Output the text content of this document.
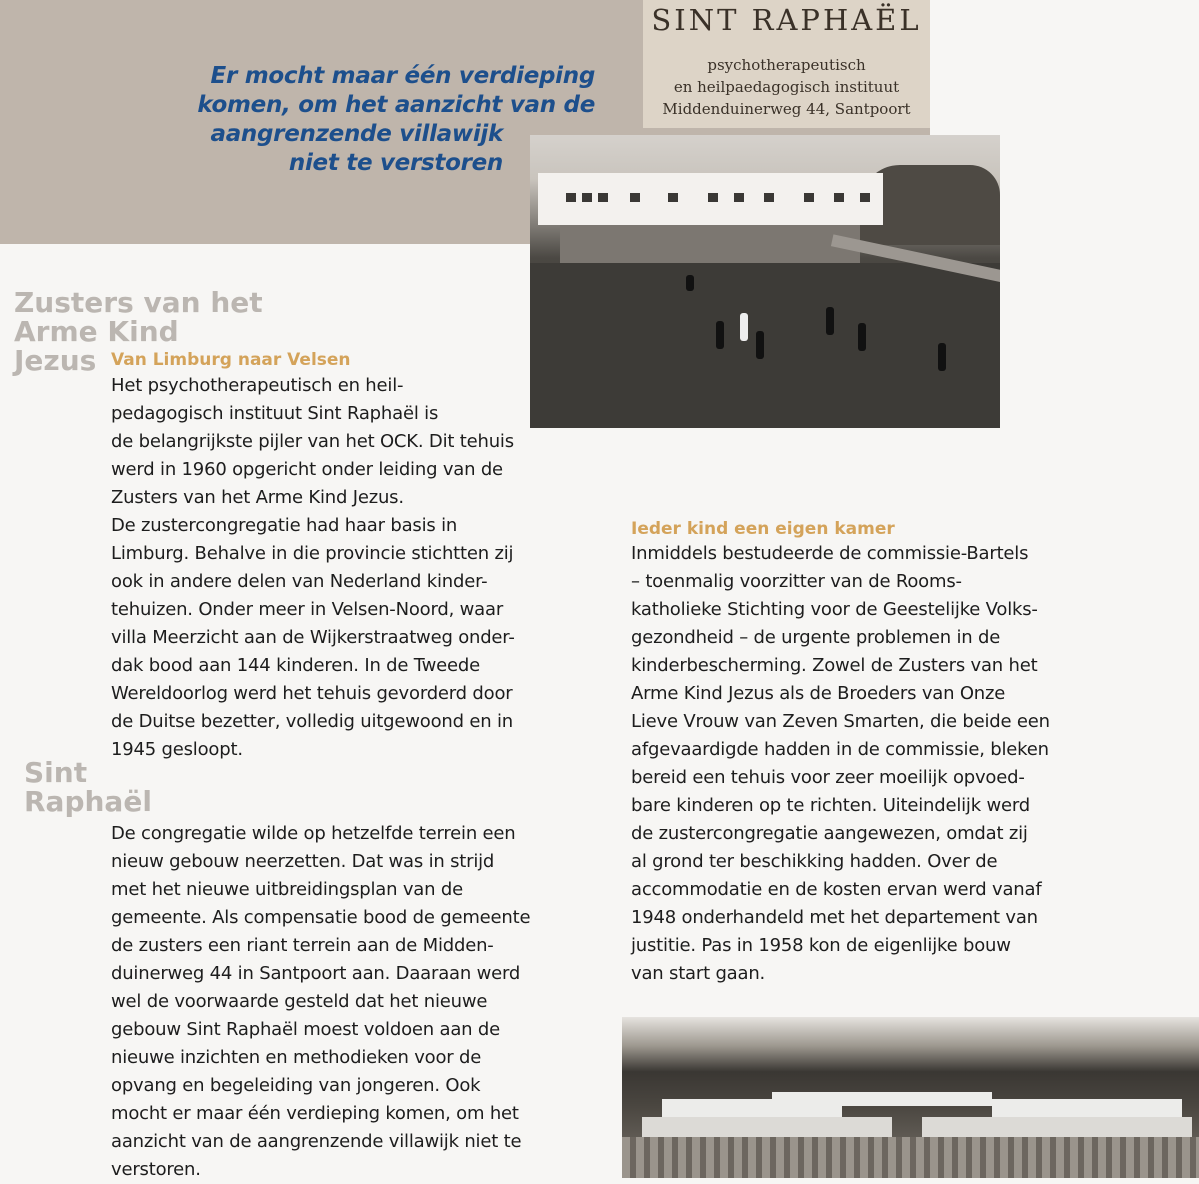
Er mocht maar één verdieping
komen, om het aanzicht van de
aangrenzende villawijk
niet te verstoren
SINT RAPHAËL
psychotherapeutisch
en heilpaedagogisch instituut
Middenduinerweg 44, Santpoort
Zusters van het
Arme Kind
Jezus Van Limburg naar Velsen
Het psychotherapeutisch en heil-
pedagogisch instituut Sint Raphaël is
de belangrijkste pijler van het OCK. Dit tehuis
werd in 1960 opgericht onder leiding van de
Zusters van het Arme Kind Jezus.
De zustercongregatie had haar basis in
Limburg. Behalve in die provincie stichtten zij
ook in andere delen van Nederland kinder-
tehuizen. Onder meer in Velsen-Noord, waar
villa Meerzicht aan de Wijkerstraatweg onder-
dak bood aan 144 kinderen. In de Tweede
Wereldoorlog werd het tehuis gevorderd door
de Duitse bezetter, volledig uitgewoond en in
1945 gesloopt.
Sint
Raphaël
De congregatie wilde op hetzelfde terrein een
nieuw gebouw neerzetten. Dat was in strijd
met het nieuwe uitbreidingsplan van de
gemeente. Als compensatie bood de gemeente
de zusters een riant terrein aan de Midden-
duinerweg 44 in Santpoort aan. Daaraan werd
wel de voorwaarde gesteld dat het nieuwe
gebouw Sint Raphaël moest voldoen aan de
nieuwe inzichten en methodieken voor de
opvang en begeleiding van jongeren. Ook
mocht er maar één verdieping komen, om het
aanzicht van de aangrenzende villawijk niet te
verstoren.
Ieder kind een eigen kamer
Inmiddels bestudeerde de commissie-Bartels
– toenmalig voorzitter van de Rooms-
katholieke Stichting voor de Geestelijke Volks-
gezondheid – de urgente problemen in de
kinderbescherming. Zowel de Zusters van het
Arme Kind Jezus als de Broeders van Onze
Lieve Vrouw van Zeven Smarten, die beide een
afgevaardigde hadden in de commissie, bleken
bereid een tehuis voor zeer moeilijk opvoed-
bare kinderen op te richten. Uiteindelijk werd
de zustercongregatie aangewezen, omdat zij
al grond ter beschikking hadden. Over de
accommodatie en de kosten ervan werd vanaf
1948 onderhandeld met het departement van
justitie. Pas in 1958 kon de eigenlijke bouw
van start gaan.
